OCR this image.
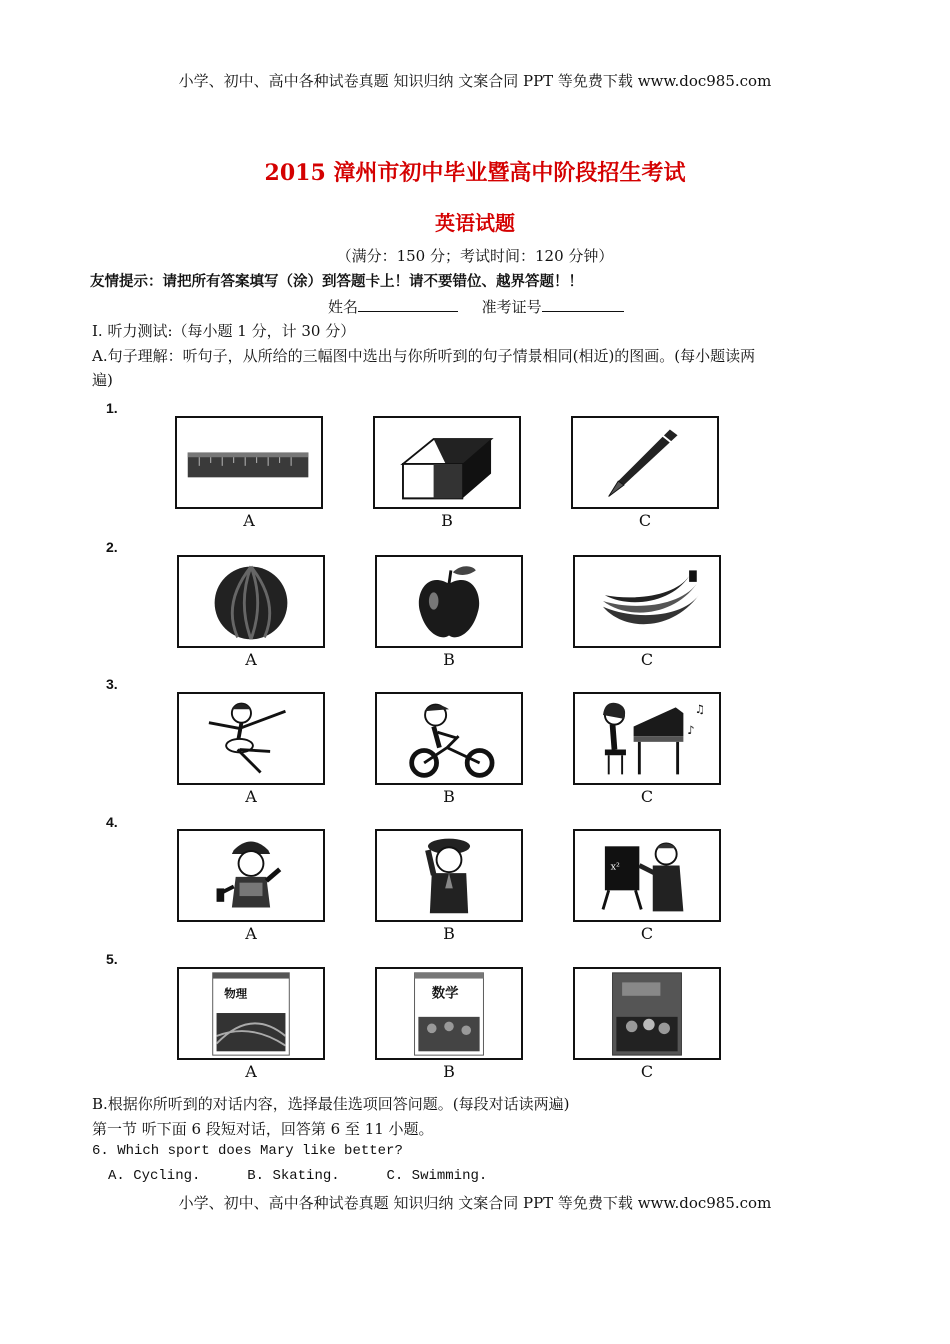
小学、初中、高中各种试卷真题 知识归纳 文案合同 PPT 等免费下载 www.doc985.com
2015 漳州市初中毕业暨高中阶段招生考试
英语试题
（满分：150 分；考试时间：120 分钟）
友情提示：请把所有答案填写（涂）到答题卡上！请不要错位、越界答题！！
姓名	准考证号
Ⅰ. 听力测试:（每小题 1 分，计 30 分）
A.句子理解：听句子，从所给的三幅图中选出与你所听到的句子情景相同(相近)的图画。(每小题读两
遍)
1.
2.
3.
4.
5.
A	B	C
A	B	C
♪
♫
A	B	C
x²
A	B	C
物理	数学
A	B	C
B.根据你所听到的对话内容，选择最佳选项回答问题。(每段对话读两遍)
第一节 听下面 6 段短对话，回答第 6 至 11 小题。
6. Which sport does Mary like better?
A. Cycling.	B. Skating.	C. Swimming.
小学、初中、高中各种试卷真题 知识归纳 文案合同 PPT 等免费下载 www.doc985.com
